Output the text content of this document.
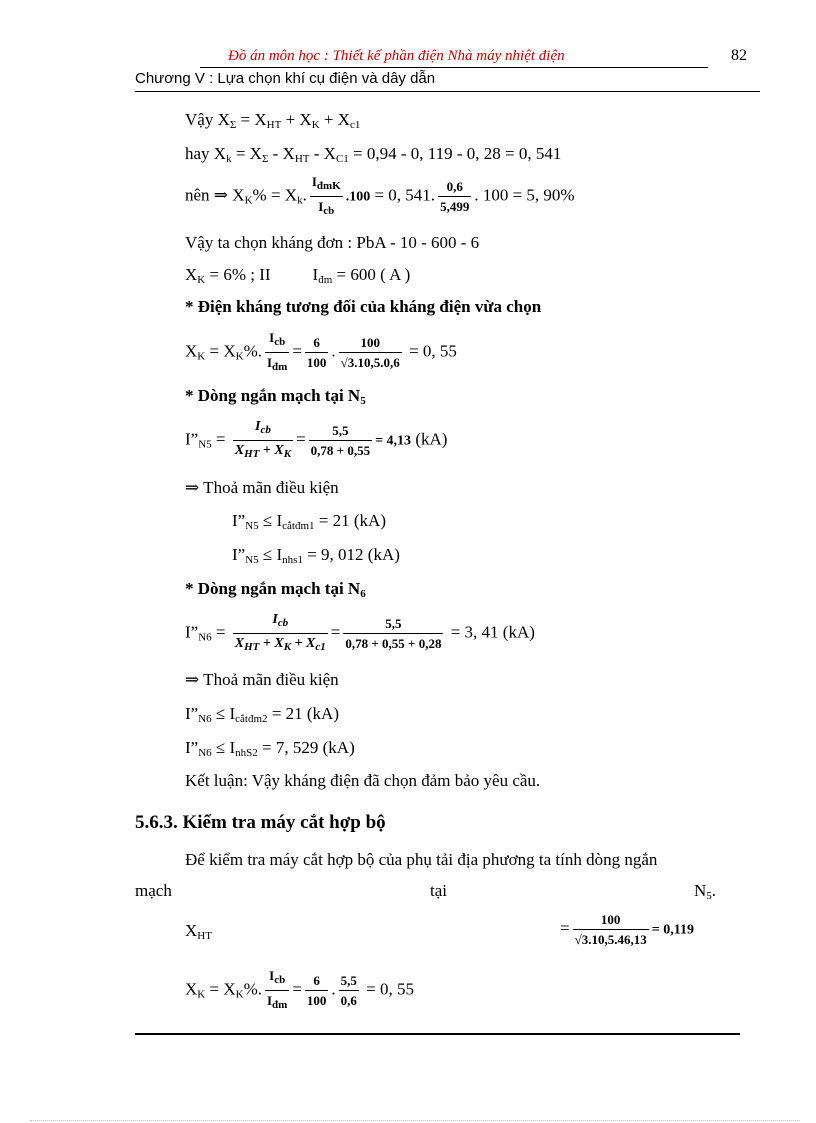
Đồ án môn học : Thiết kế phần điện Nhà máy nhiệt điện	82
Chương V : Lựa chọn khí cụ điện và dây dẫn
Vậy $X_\Sigma = X_{HT} + X_K + X_{c1}$
hay $X_k = X_\Sigma - X_{HT} - X_{C1} = 0,94 - 0$, 119 - 0, 28 = 0, 541
nên ⇒ $X_K\% = X_k$. $\frac{I_{đmK}}{I_{cb}} .100 = 0$, 541. $\frac{0,6}{5,499}$ . 100 = 5, 90%
Vậy ta chọn kháng đơn : PbA - 10 - 600 - 6
$X_K = 6\%$ ; II $I_{đm} = 600$ ( A )
* Điện kháng tương đối của kháng điện vừa chọn
$X_K = X_K\%$. $\frac{I_{cb}}{I_{đm}} = \frac{6}{100}$ . $\frac{100}{√3.10,5.0,6} = 0$, 55
* Dòng ngắn mạch tại $N_5$
$I”_{N5} = \frac{I_{cb}}{X_{HT} + X_K} = \frac{5,5}{0,78 + 0,55} = 4,13$ (kA)
⇒ Thoả mãn điều kiện
$I”_{N5} \le I_{cắtđm1} = 21$ (kA)
$I”_{N5} \le I_{nhs1} = 9$, 012 (kA)
* Dòng ngắn mạch tại $N_6$
$I”_{N6} = \frac{I_{cb}}{X_{HT} + X_K + X_{c1}} = \frac{5,5}{0,78 + 0,55 + 0,28} = 3$, 41 (kA)
⇒ Thoả mãn điều kiện
$I”_{N6} \le I_{cắtđm2} = 21$ (kA)
$I”_{N6} \le I_{nhS2} = 7$, 529 (kA)
Kết luận: Vậy kháng điện đã chọn đảm bảo yêu cầu.
5.6.3. Kiểm tra máy cắt hợp bộ
Để kiểm tra máy cắt hợp bộ của phụ tải địa phương ta tính dòng ngắn
mạch	tại	$N_5$.
$X_{HT}$	= $\frac{100}{√3.10,5.46,13} = 0,119$
$X_K = X_K\%$. $\frac{I_{cb}}{I_{đm}} = \frac{6}{100}$ . $\frac{5,5}{0,6} = 0$, 55
